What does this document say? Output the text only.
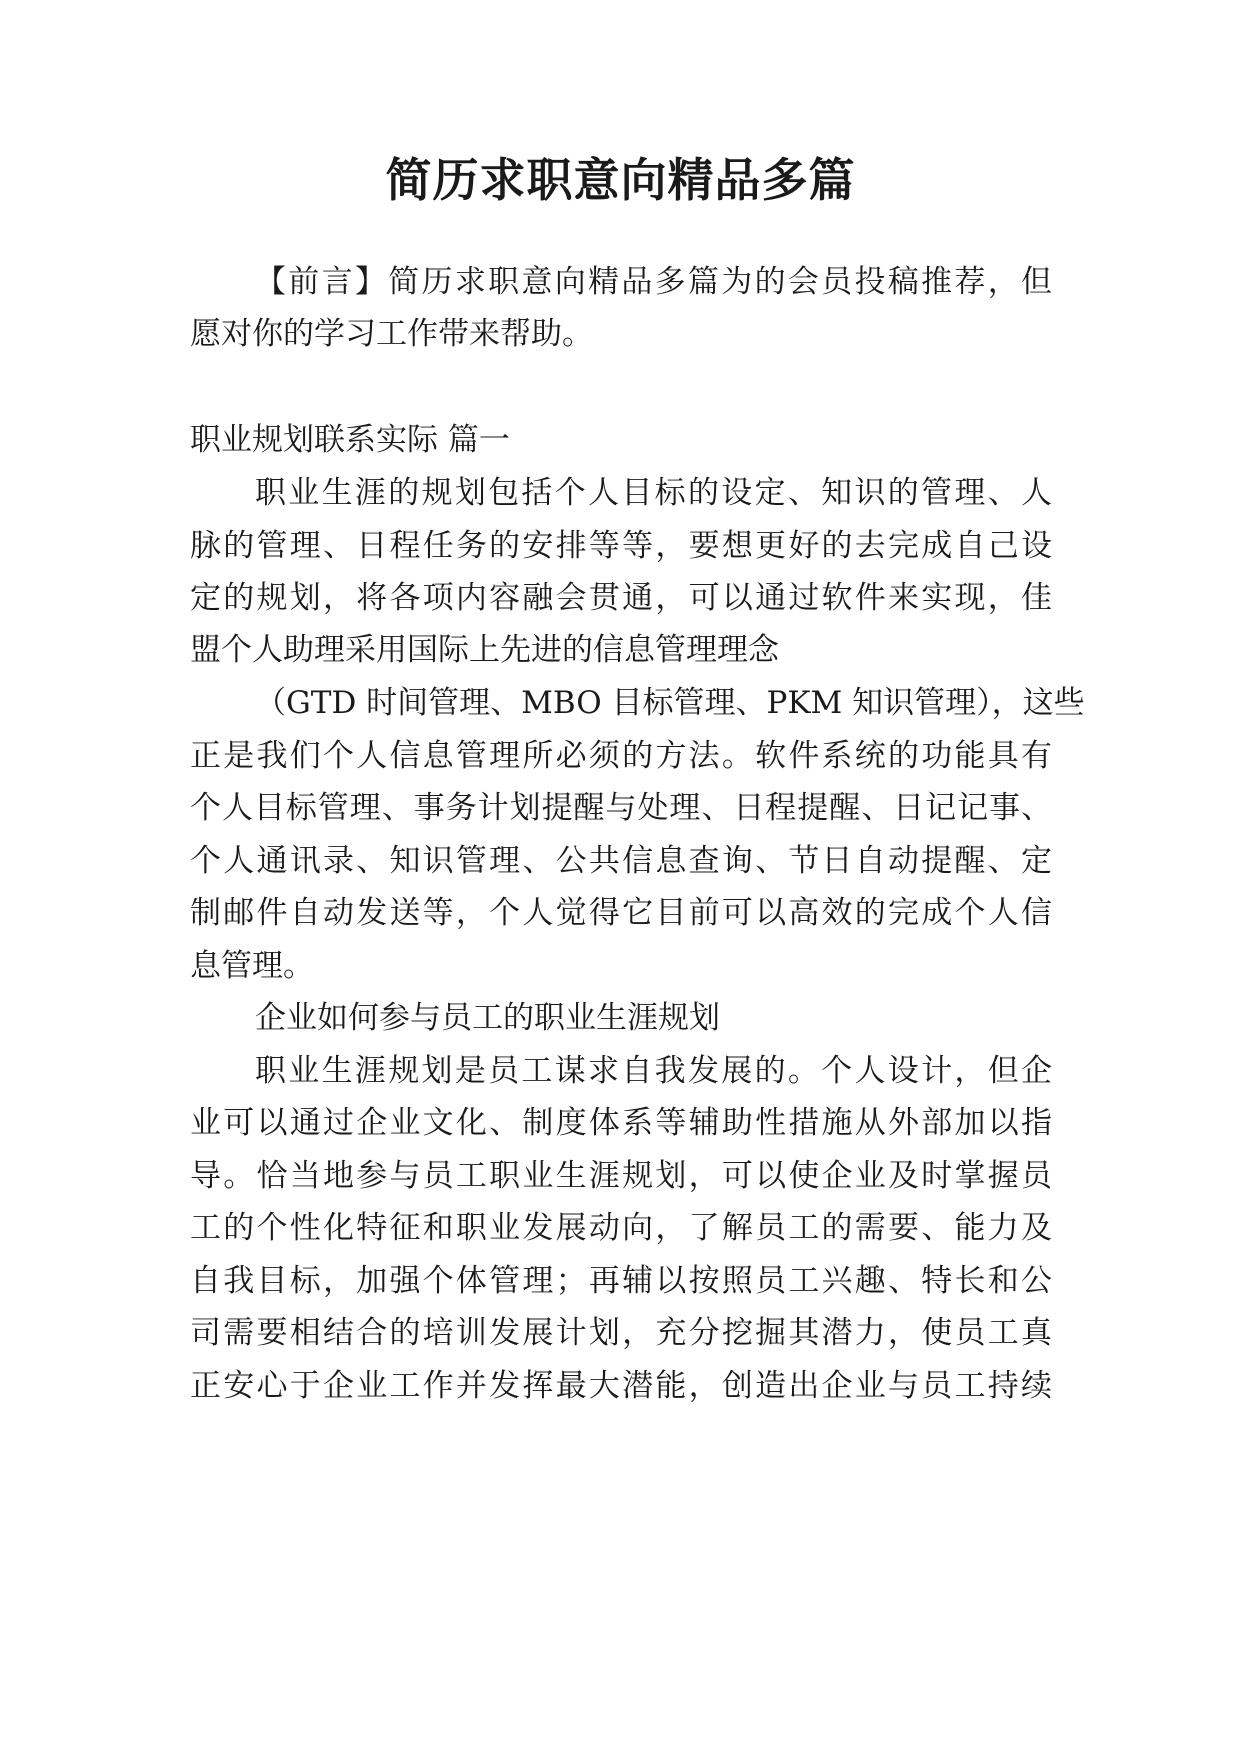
简历求职意向精品多篇
【前言】简历求职意向精品多篇为的会员投稿推荐，但
愿对你的学习工作带来帮助。
职业规划联系实际 篇一
职业生涯的规划包括个人目标的设定、知识的管理、人
脉的管理、日程任务的安排等等，要想更好的去完成自己设
定的规划，将各项内容融会贯通，可以通过软件来实现，佳
盟个人助理采用国际上先进的信息管理理念
（GTD 时间管理、MBO 目标管理、PKM 知识管理），这些
正是我们个人信息管理所必须的方法。软件系统的功能具有
个人目标管理、事务计划提醒与处理、日程提醒、日记记事、
个人通讯录、知识管理、公共信息查询、节日自动提醒、定
制邮件自动发送等，个人觉得它目前可以高效的完成个人信
息管理。
企业如何参与员工的职业生涯规划
职业生涯规划是员工谋求自我发展的。个人设计，但企
业可以通过企业文化、制度体系等辅助性措施从外部加以指
导。恰当地参与员工职业生涯规划，可以使企业及时掌握员
工的个性化特征和职业发展动向，了解员工的需要、能力及
自我目标，加强个体管理；再辅以按照员工兴趣、特长和公
司需要相结合的培训发展计划，充分挖掘其潜力，使员工真
正安心于企业工作并发挥最大潜能，创造出企业与员工持续
